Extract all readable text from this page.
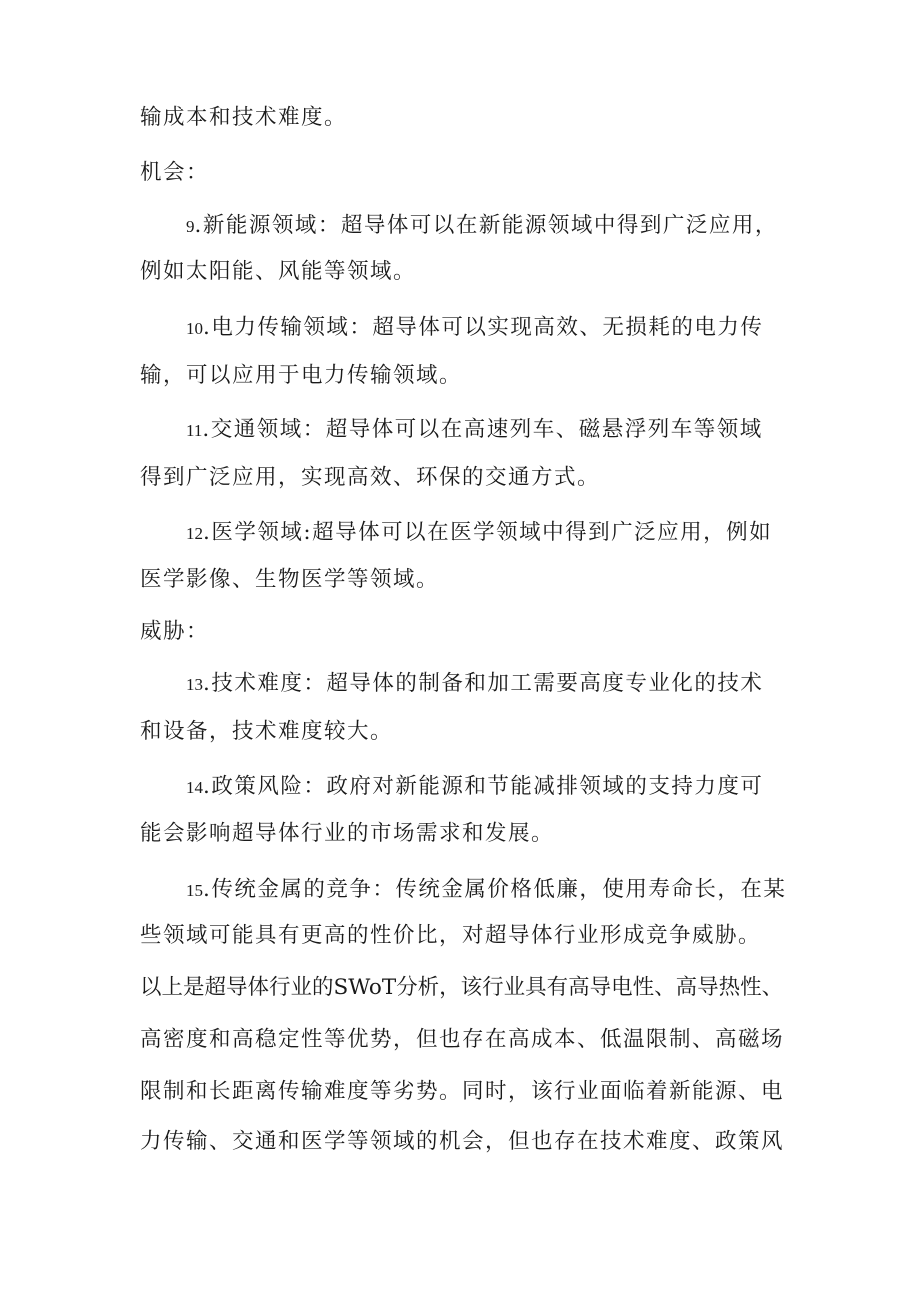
输成本和技术难度。
机会：
9.新能源领域：超导体可以在新能源领域中得到广泛应用，
例如太阳能、风能等领域。
10.电力传输领域：超导体可以实现高效、无损耗的电力传
输，可以应用于电力传输领域。
11.交通领域：超导体可以在高速列车、磁悬浮列车等领域
得到广泛应用，实现高效、环保的交通方式。
12.医学领域:超导体可以在医学领域中得到广泛应用，例如
医学影像、生物医学等领域。
威胁：
13.技术难度：超导体的制备和加工需要高度专业化的技术
和设备，技术难度较大。
14.政策风险：政府对新能源和节能减排领域的支持力度可
能会影响超导体行业的市场需求和发展。
15.传统金属的竞争：传统金属价格低廉，使用寿命长，在某
些领域可能具有更高的性价比，对超导体行业形成竞争威胁。
以上是超导体行业的SWoT分析，该行业具有高导电性、高导热性、
高密度和高稳定性等优势，但也存在高成本、低温限制、高磁场
限制和长距离传输难度等劣势。同时，该行业面临着新能源、电
力传输、交通和医学等领域的机会，但也存在技术难度、政策风
